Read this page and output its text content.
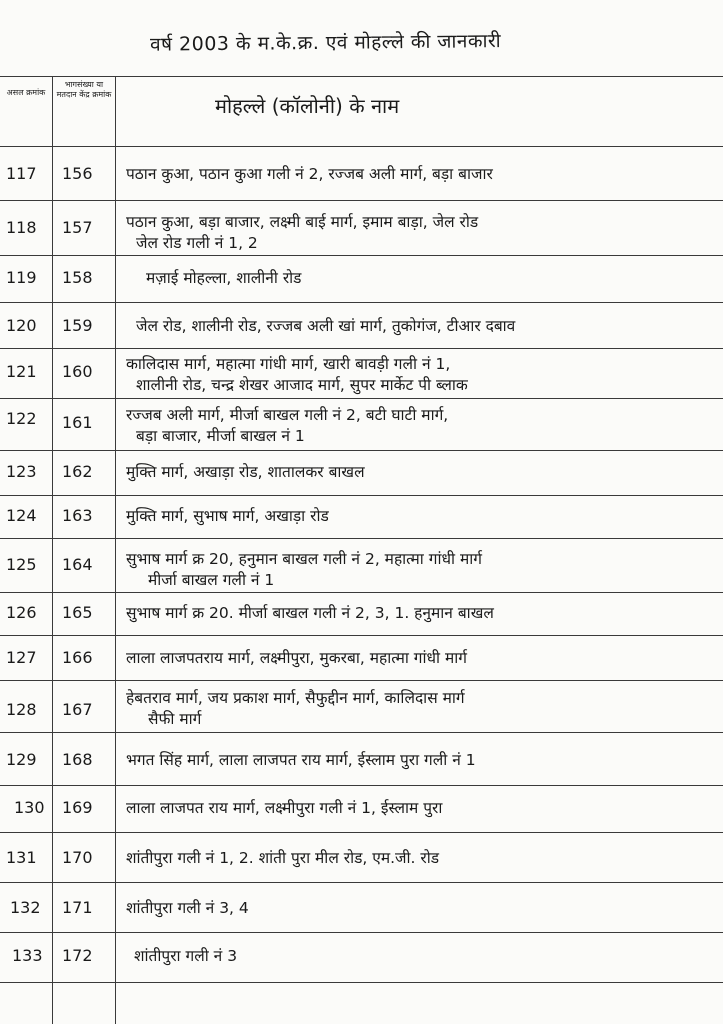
वर्ष 2003 के म.के.क्र. एवं मोहल्ले की जानकारी
असल क्रमांक
भागसंख्या या मतदान केंद्र क्रमांक	मोहल्ले (कॉलोनी) के नाम
117	156	पठान कुआ, पठान कुआ गली नं 2, रज्जब अली मार्ग, बड़ा बाजार
118	157	पठान कुआ, बड़ा बाजार, लक्ष्मी बाई मार्ग, इमाम बाड़ा, जेल रोड
जेल रोड गली नं 1, 2
119	158	मज़ाई मोहल्ला, शालीनी रोड
120	159	जेल रोड, शालीनी रोड, रज्जब अली खां मार्ग, तुकोगंज, टीआर दबाव
121	160	कालिदास मार्ग, महात्मा गांधी मार्ग, खारी बावड़ी गली नं 1,
शालीनी रोड, चन्द्र शेखर आजाद मार्ग, सुपर मार्केट पी ब्लाक
122	161	रज्जब अली मार्ग, मीर्जा बाखल गली नं 2, बटी घाटी मार्ग,
बड़ा बाजार, मीर्जा बाखल नं 1
123	162	मुक्ति मार्ग, अखाड़ा रोड, शातालकर बाखल
124	163	मुक्ति मार्ग, सुभाष मार्ग, अखाड़ा रोड
125	164	सुभाष मार्ग क्र 20, हनुमान बाखल गली नं 2, महात्मा गांधी मार्ग
मीर्जा बाखल गली नं 1
126	165	सुभाष मार्ग क्र 20. मीर्जा बाखल गली नं 2, 3, 1. हनुमान बाखल
127	166	लाला लाजपतराय मार्ग, लक्ष्मीपुरा, मुकरबा, महात्मा गांधी मार्ग
128	167
हेबतराव मार्ग, जय प्रकाश मार्ग, सैफुद्दीन मार्ग, कालिदास मार्ग
सैफी मार्ग
129	168	भगत सिंह मार्ग, लाला लाजपत राय मार्ग, ईस्लाम पुरा गली नं 1
130	169	लाला लाजपत राय मार्ग, लक्ष्मीपुरा गली नं 1, ईस्लाम पुरा
131	170	शांतीपुरा गली नं 1, 2. शांती पुरा मील रोड, एम.जी. रोड
132	171	शांतीपुरा गली नं 3, 4
133	172	शांतीपुरा गली नं 3
